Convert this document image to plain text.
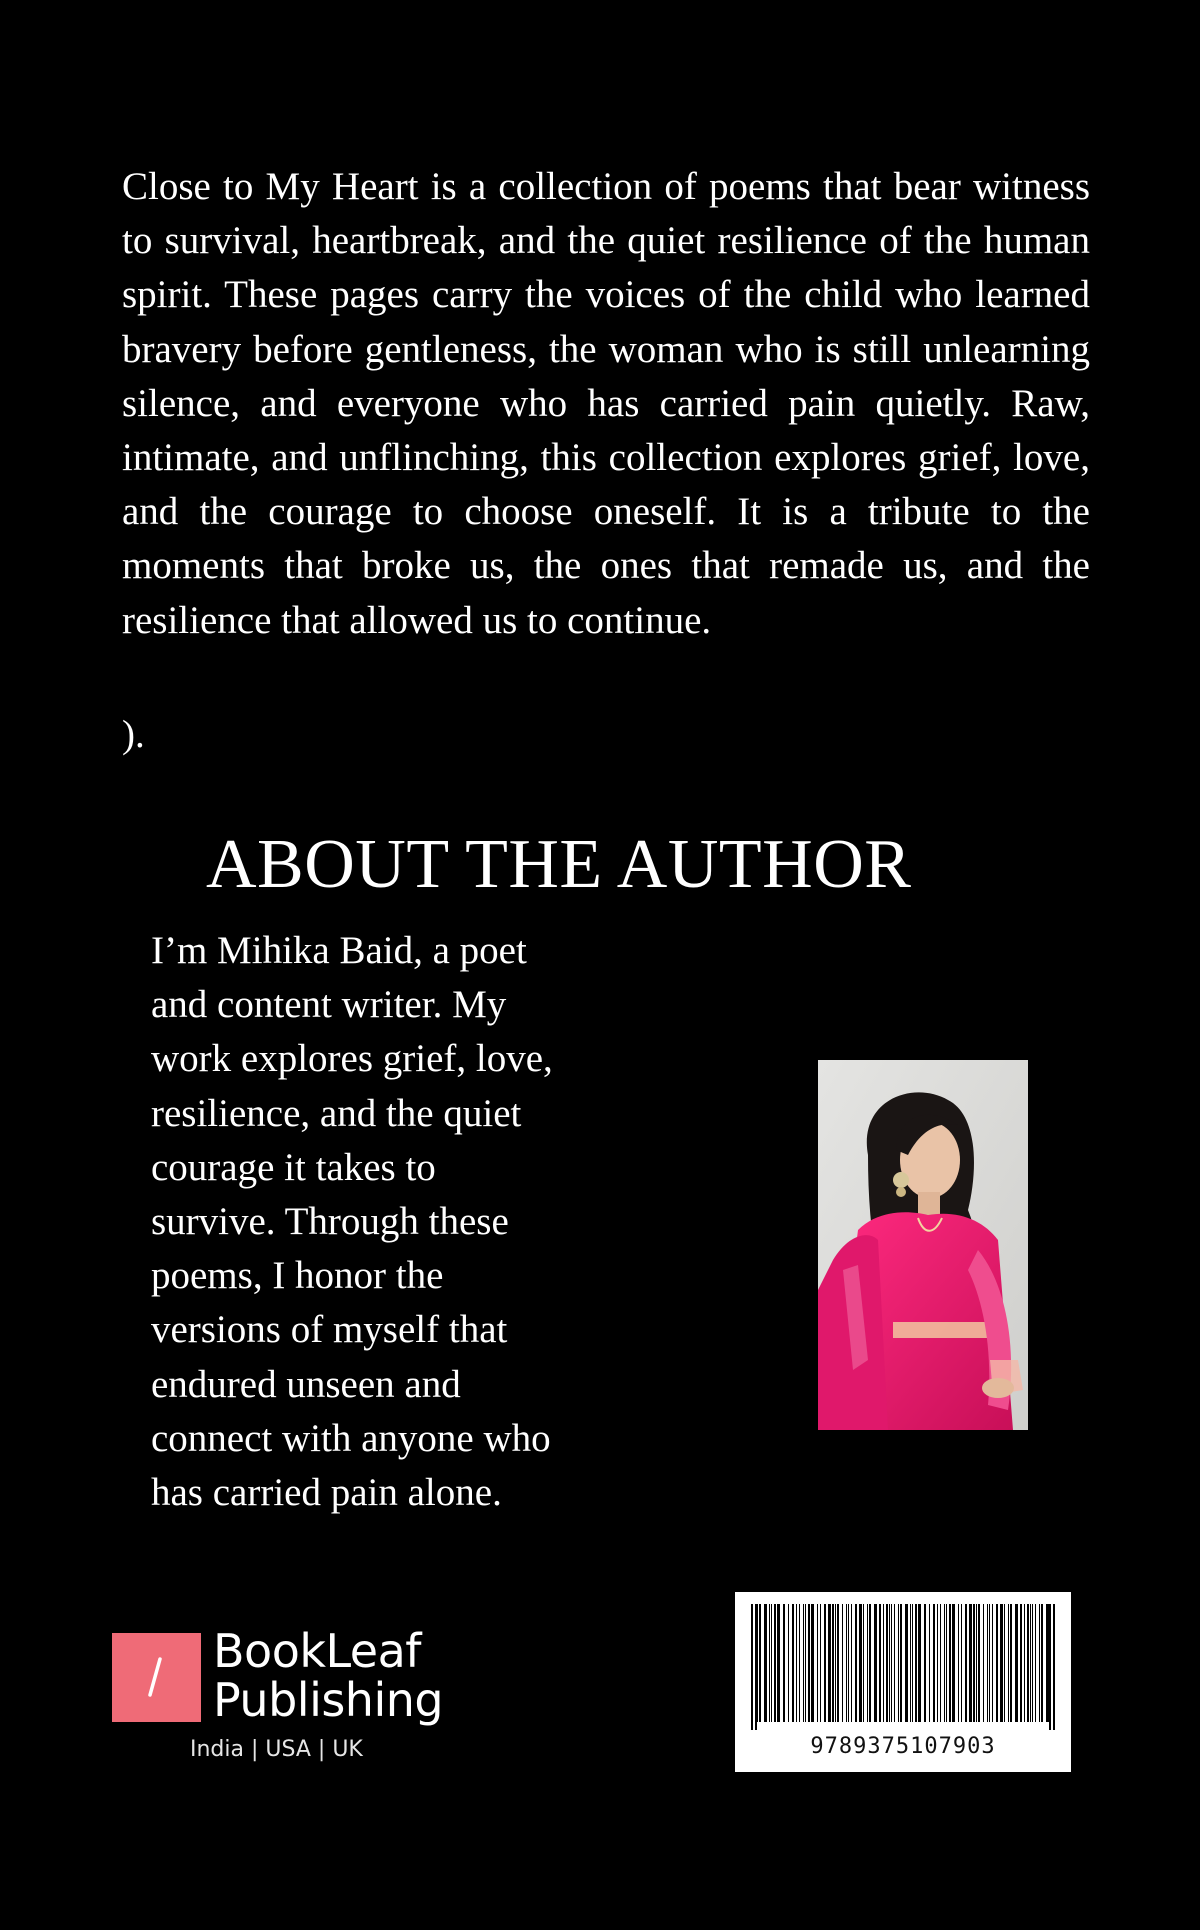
Close to My Heart is a collection of poems that bear witness to survival, heartbreak, and the quiet resilience of the human spirit. These pages carry the voices of the child who learned bravery before gentleness, the woman who is still unlearning silence, and everyone who has carried pain quietly. Raw, intimate, and unflinching, this collection explores grief, love, and the courage to choose oneself. It is a tribute to the moments that broke us, the ones that remade us, and the resilience that allowed us to continue.

).

ABOUT THE AUTHOR
I’m Mihika Baid, a poet
and content writer. My
work explores grief, love,
resilience, and the quiet
courage it takes to
survive. Through these
poems, I honor the
versions of myself that
endured unseen and
connect with anyone who
has carried pain alone.
BookLeaf
Publishing
India | USA | UK	9789375107903
